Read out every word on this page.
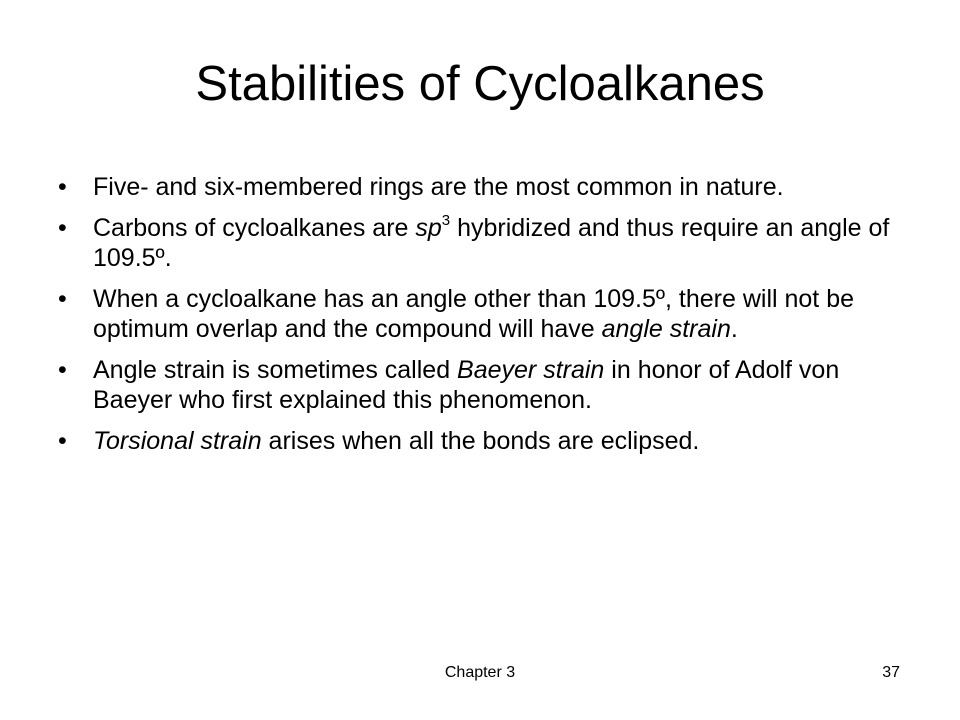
Stabilities of Cycloalkanes
•	Five- and six-membered rings are the most common in nature.
•	Carbons of cycloalkanes are $sp^3$ hybridized and thus require an angle of 109.5º.
•	When a cycloalkane has an angle other than 109.5º, there will not be optimum overlap and the compound will have angle strain.
•	Angle strain is sometimes called Baeyer strain in honor of Adolf von Baeyer who first explained this phenomenon.
•	Torsional strain arises when all the bonds are eclipsed.
Chapter 3	37
